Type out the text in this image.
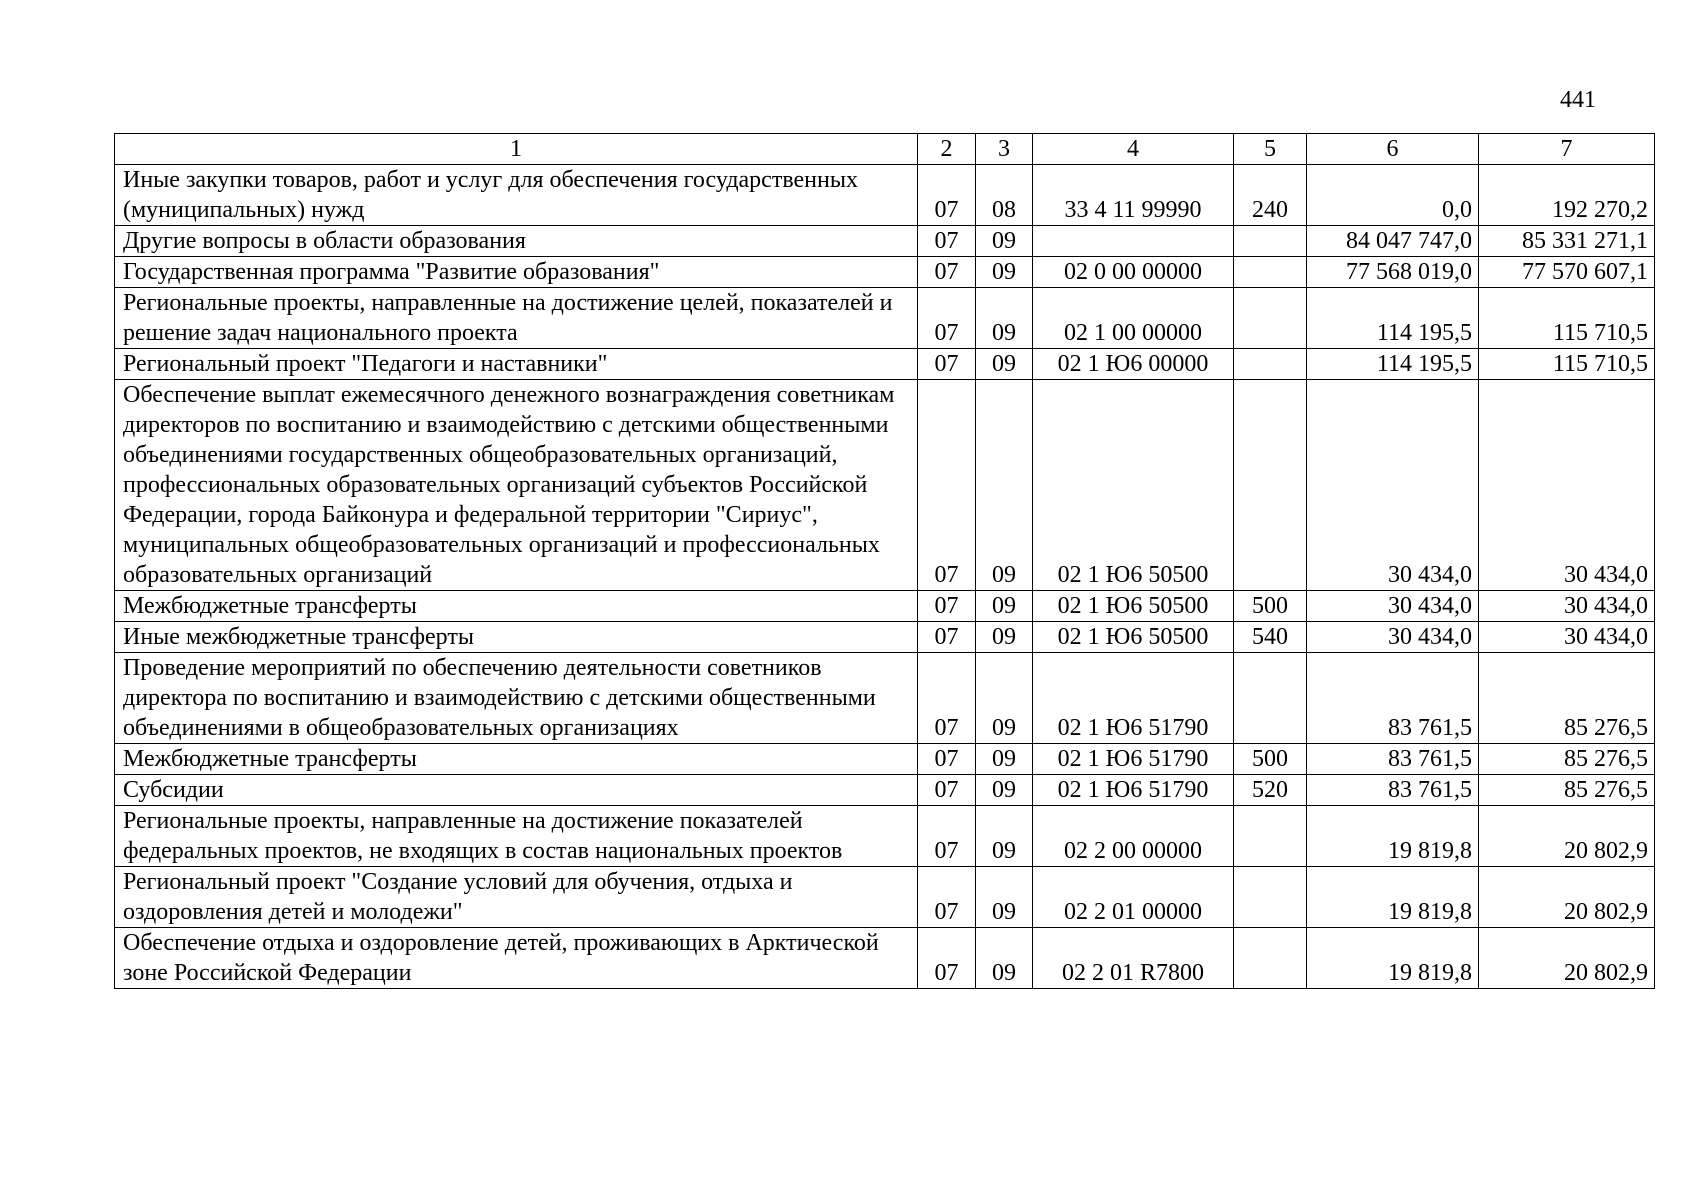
441
1	2	3	4	5	6	7
Иные закупки товаров, работ и услуг для обеспечения государственных (муниципальных) нужд	07	08	33 4 11 99990	240	0,0	192 270,2
Другие вопросы в области образования	07	09			84 047 747,0	85 331 271,1
Государственная программа "Развитие образования"	07	09	02 0 00 00000		77 568 019,0	77 570 607,1
Региональные проекты, направленные на достижение целей, показателей и решение задач национального проекта	07	09	02 1 00 00000		114 195,5	115 710,5
Региональный проект "Педагоги и наставники"	07	09	02 1 Ю6 00000		114 195,5	115 710,5
Обеспечение выплат ежемесячного денежного вознаграждения советникам директоров по воспитанию и взаимодействию с детскими общественными объединениями государственных общеобразовательных организаций, профессиональных образовательных организаций субъектов Российской Федерации, города Байконура и федеральной территории "Сириус", муниципальных общеобразовательных организаций и профессиональных образовательных организаций	07	09	02 1 Ю6 50500		30 434,0	30 434,0
Межбюджетные трансферты	07	09	02 1 Ю6 50500	500	30 434,0	30 434,0
Иные межбюджетные трансферты	07	09	02 1 Ю6 50500	540	30 434,0	30 434,0
Проведение мероприятий по обеспечению деятельности советников директора по воспитанию и взаимодействию с детскими общественными объединениями в общеобразовательных организациях	07	09	02 1 Ю6 51790		83 761,5	85 276,5
Межбюджетные трансферты	07	09	02 1 Ю6 51790	500	83 761,5	85 276,5
Субсидии	07	09	02 1 Ю6 51790	520	83 761,5	85 276,5
Региональные проекты, направленные на достижение показателей федеральных проектов, не входящих в состав национальных проектов	07	09	02 2 00 00000		19 819,8	20 802,9
Региональный проект "Создание условий для обучения, отдыха и оздоровления детей и молодежи"	07	09	02 2 01 00000		19 819,8	20 802,9
Обеспечение отдыха и оздоровление детей, проживающих в Арктической зоне Российской Федерации	07	09	02 2 01 R7800		19 819,8	20 802,9
